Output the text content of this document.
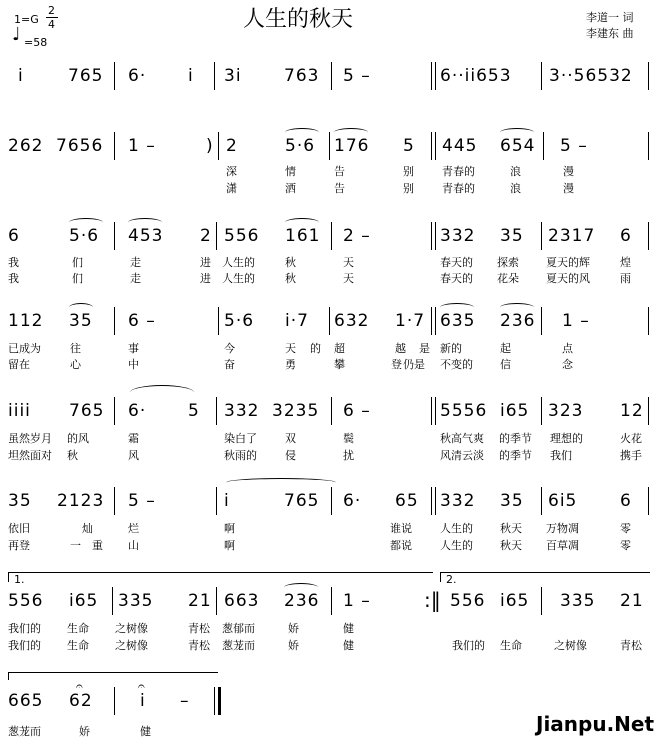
1=G
2
4
♩ =58
人生的秋天	李道一 词
李建东 曲
i	765 6· i 3i 763 5 –	6··ii653 3··56532
262 7656 1 –	) 2	5·6 176 5 445 654 5 –
深	情	告	别	青春的	浪	漫
潇	洒	告	别	青春的	浪	漫
6	5·6 453 2 556 161 2 –	332 35 2317 6
我	们	走	进 人生的	秋	天	春天的 探索 夏天的辉	煌
我	们	走	进 人生的	秋	天	春天的 花朵 夏天的风	雨
112 35 6 –	5·6 i·7 632 1·7 635 236 1 –
已成为	往	事	今	天 的 超	越 是 新的	起	点
留在	心	中	奋	勇	攀	登 仍是 不变的 信	念
iiii 765 6· 5 332 3235 6 –	5556 i65 323 12
虽然岁月 的风	霜	染白了	双	鬓	秋高气爽 的季节 理想的	火花
坦然面对 秋	风	秋雨的	侵	扰	风清云淡 的季节 我们	携手
35 2123 5 –	i	765 6· 65 332 35 6i5	6
依旧	灿	烂	啊	谁说	人生的 秋天 万物凋	零
再登	一 重 山	啊	都说	人生的 秋天 百草凋	零
1.	2.
556 i65 335 21 663 236 1 –	:‖ 556 i65 335 21
我们的 生命 之树像	青松 葱郁而	娇	健
我们的 生命 之树像	青松 葱茏而	娇	健	我们的 生命	之树像	青松
665 62
𝄐
i
𝄐
–
葱茏而	娇	健	Jianpu.Net
